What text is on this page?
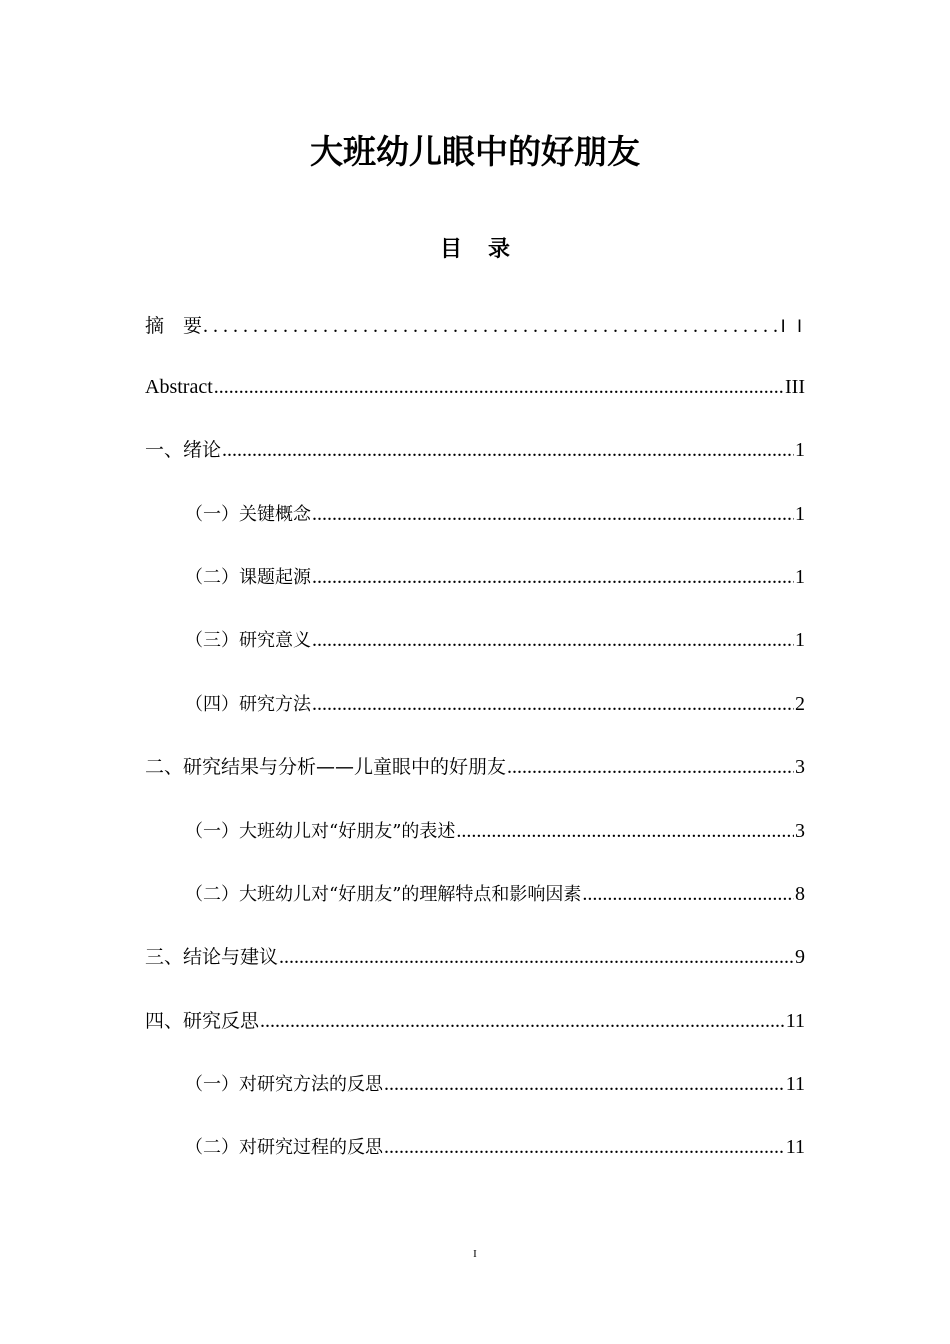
大班幼儿眼中的好朋友
目录
摘　要 . . .	I I
Abstract .....	III
一、绪论 .....	1
（一）关键概念 .....	1
（二）课题起源 .....	1
（三）研究意义 .....	1
（四）研究方法 .....	2
二、研究结果与分析——儿童眼中的好朋友 .....	3
（一）大班幼儿对“好朋友”的表述 .....	3
（二）大班幼儿对“好朋友”的理解特点和影响因素 .....	8
三、结论与建议 .....	9
四、研究反思 .....	11
（一）对研究方法的反思 .....	11
（二）对研究过程的反思 .....	11
I
